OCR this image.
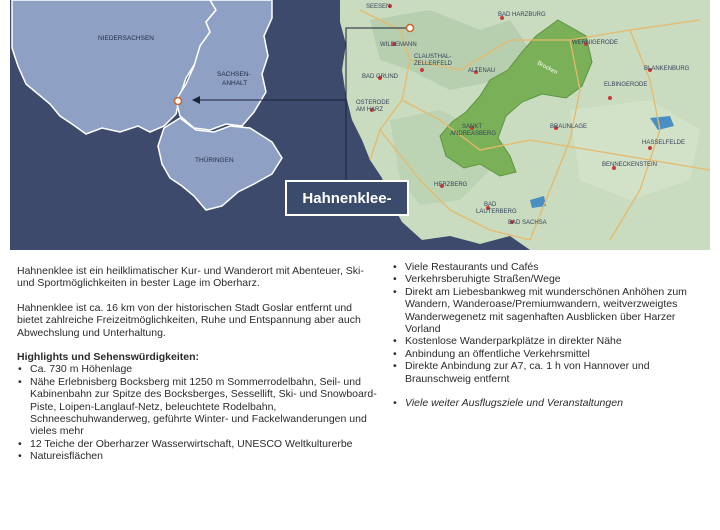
NIEDERSACHSEN
SACHSEN-
ANHALT
THÜRINGEN
SEESEN
BAD HARZBURG
WILDEMANN	WERNIGERODE
CLAUSTHAL-
ZELLERFELD
ALTENAU
BAD GRUND
BLANKENBURG
OSTERODE
AM HARZ
ELBINGERODE
SANKT
ANDREASBERG
BRAUNLAGE
HASSELFELDE
BENNECKENSTEIN
HERZBERG
BAD
LAUTERBERG
BAD SACHSA
Brocken
Hahnenklee-

Hahnenklee ist ein heilklimatischer Kur- und Wanderort mit Abenteuer, Ski- und Sportmöglichkeiten in bester Lage im Oberharz.

Hahnenklee ist ca. 16 km von der historischen Stadt Goslar entfernt und bietet zahlreiche Freizeitmöglichkeiten, Ruhe und Entspannung aber auch Abwechslung und Unterhaltung.

Highlights und Sehenswürdigkeiten:
• Ca. 730 m Höhenlage
• Nähe Erlebnisberg Bocksberg mit 1250 m Sommerrodelbahn, Seil- und Kabinenbahn zur Spitze des Bocksberges, Sessellift, Ski- und Snowboard-Piste, Loipen-Langlauf-Netz, beleuchtete Rodelbahn, Schneeschuhwanderweg, geführte Winter- und Fackelwanderungen und vieles mehr
• 12 Teiche der Oberharzer Wasserwirtschaft, UNESCO Weltkulturerbe
• Natureisflächen
• Viele Restaurants und Cafés
• Verkehrsberuhigte Straßen/Wege
• Direkt am Liebesbankweg mit wunderschönen Anhöhen zum Wandern, Wanderoase/Premiumwandern, weitverzweigtes Wanderwegenetz mit sagenhaften Ausblicken über Harzer Vorland
• Kostenlose Wanderparkplätze in direkter Nähe
• Anbindung an öffentliche Verkehrsmittel
• Direkte Anbindung zur A7, ca. 1 h von Hannover und Braunschweig entfernt
• Viele weiter Ausflugsziele und Veranstaltungen
